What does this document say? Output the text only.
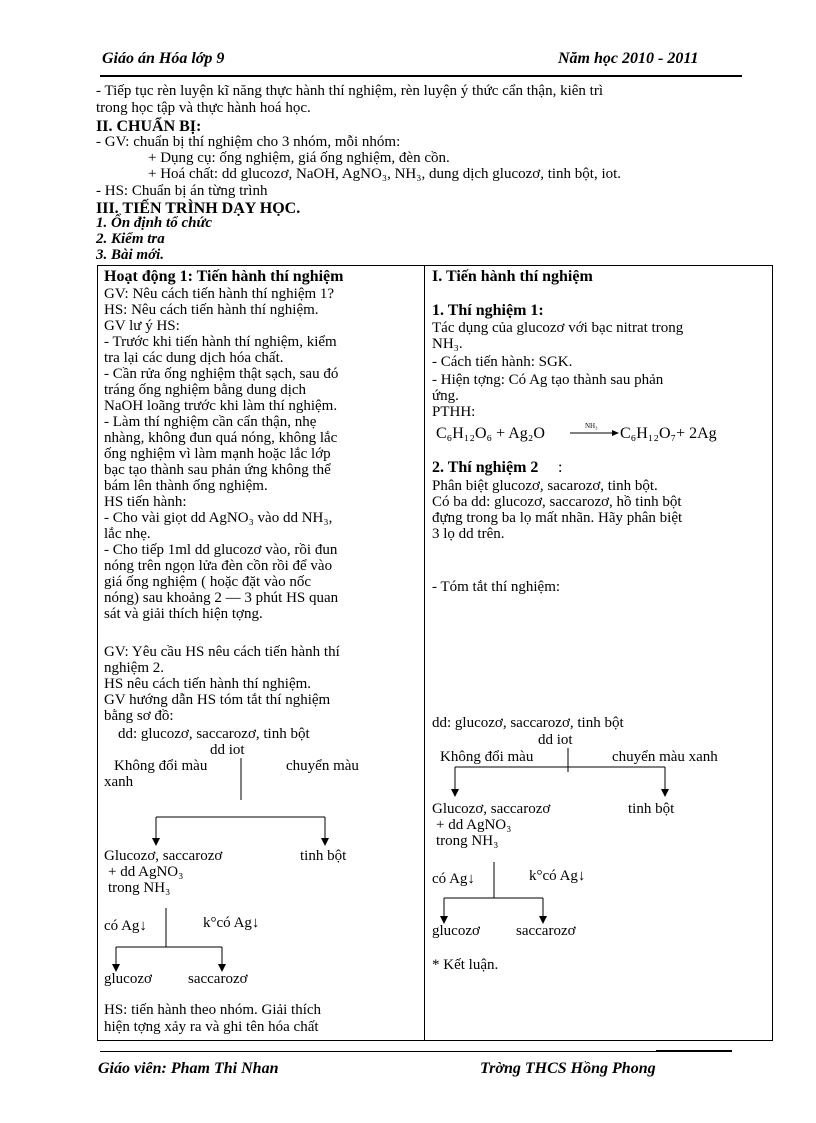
Giáo án Hóa lớp 9	Năm học 2010 - 2011
- Tiếp tục rèn luyện kĩ năng thực hành thí nghiệm, rèn luyện ý thức cẩn thận, kiên trì
trong học tập và thực hành hoá học.
II. CHUẨN BỊ:
- GV: chuẩn bị thí nghiệm cho 3 nhóm, mỗi nhóm:
+ Dụng cụ: ống nghiệm, giá ống nghiệm, đèn cồn.
+ Hoá chất: dd glucozơ, NaOH, AgNO₃, NH₃, dung dịch glucozơ, tinh bột, iot.
- HS: Chuẩn bị án từng trình
III. TIẾN TRÌNH DẠY HỌC.
1. Ổn định tổ chức
2. Kiểm tra
3. Bài mới.
Hoạt động 1: Tiến hành thí nghiệm
GV: Nêu cách tiến hành thí nghiệm 1?
HS: Nêu cách tiến hành thí nghiệm.
GV lư ý HS:
- Trước khi tiến hành thí nghiệm, kiểm
tra lại các dung dịch hóa chất.
- Cần rửa ống nghiệm thật sạch, sau đó
tráng ống nghiệm bằng dung dịch
NaOH loãng trước khi làm thí nghiệm.
- Làm thí nghiệm cần cẩn thận, nhẹ
nhàng, không đun quá nóng, không lắc
ống nghiệm vì làm mạnh hoặc lắc lớp
bạc tạo thành sau phản ứng không thể
bám lên thành ống nghiệm.
HS tiến hành:
- Cho vài giọt dd AgNO₃ vào dd NH₃,
lắc nhẹ.
- Cho tiếp 1ml dd glucozơ vào, rồi đun
nóng trên ngọn lửa đèn cồn rồi để vào
giá ống nghiệm ( hoặc đặt vào nốc
nóng) sau khoảng 2 — 3 phút HS quan
sát và giải thích hiện tợng.
GV: Yêu cầu HS nêu cách tiến hành thí
nghiệm 2.
HS nêu cách tiến hành thí nghiệm.
GV hướng dẫn HS tóm tắt thí nghiệm
bằng sơ đồ:
dd: glucozơ, saccarozơ, tinh bột
dd iot
Không đổi màu	chuyển màu
xanh
Glucozơ, saccarozơ	tinh bột
+ dd AgNO₃
trong NH₃
có Ag↓	k°có Ag↓
glucozơ saccarozơ
HS: tiến hành theo nhóm. Giải thích
hiện tợng xảy ra và ghi tên hóa chất
I. Tiến hành thí nghiệm
1. Thí nghiệm 1:
Tác dụng của glucozơ với bạc nitrat trong
NH₃.
- Cách tiến hành: SGK.
- Hiện tợng: Có Ag tạo thành sau phản
ứng.
PTHH:
C₆H₁₂O₆ + Ag₂O	NH₃ C₆H₁₂O₇+ 2Ag
2. Thí nghiệm 2 :
Phân biệt glucozơ, sacarozơ, tinh bột.
Có ba dd: glucozơ, saccarozơ, hồ tinh bột
đựng trong ba lọ mất nhãn. Hãy phân biệt
3 lọ dd trên.
- Tóm tắt thí nghiệm:
dd: glucozơ, saccarozơ, tinh bột
dd iot
Không đổi màu	chuyển màu xanh
Glucozơ, saccarozơ	tinh bột
+ dd AgNO₃
trong NH₃
có Ag↓	k°có Ag↓
glucozơ saccarozơ
* Kết luận.
Giáo viên: Pham Thi Nhan	Trờng THCS Hồng Phong
